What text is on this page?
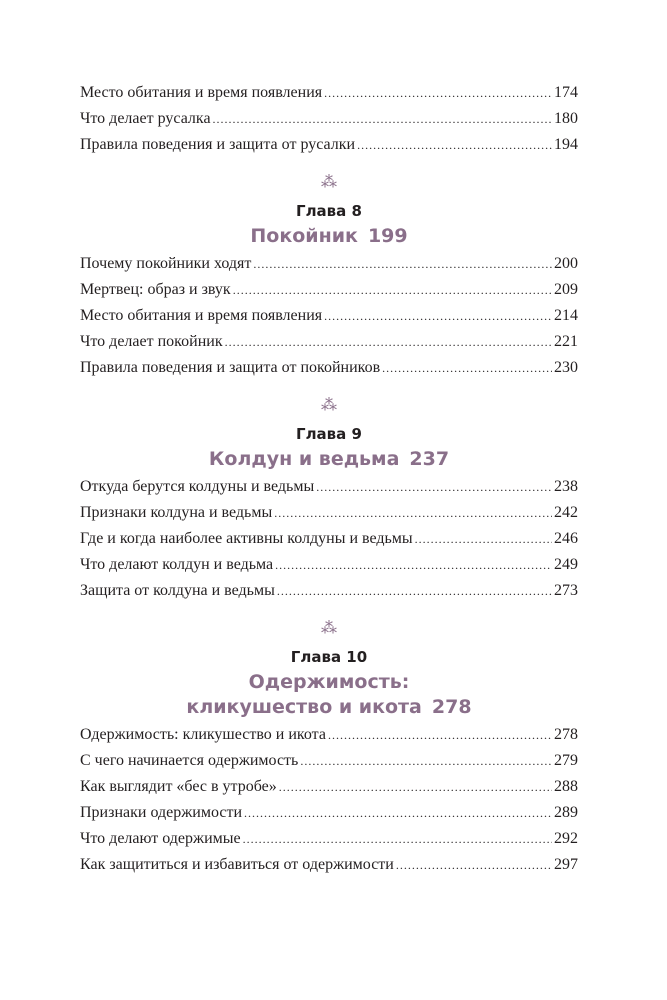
Место обитания и время появления .....	174
Что делает русалка .....	180
Правила поведения и защита от русалки .....	194
⁂
Глава 8
Покойник 199
Почему покойники ходят .....	200
Мертвец: образ и звук .....	209
Место обитания и время появления .....	214
Что делает покойник .....	221
Правила поведения и защита от покойников .....	230
⁂
Глава 9
Колдун и ведьма 237
Откуда берутся колдуны и ведьмы .....	238
Признаки колдуна и ведьмы .....	242
Где и когда наиболее активны колдуны и ведьмы .....	246
Что делают колдун и ведьма .....	249
Защита от колдуна и ведьмы .....	273
⁂
Глава 10
Одержимость:
кликушество и икота 278
Одержимость: кликушество и икота .....	278
С чего начинается одержимость .....	279
Как выглядит «бес в утробе» .....	288
Признаки одержимости .....	289
Что делают одержимые .....	292
Как защититься и избавиться от одержимости .....	297
